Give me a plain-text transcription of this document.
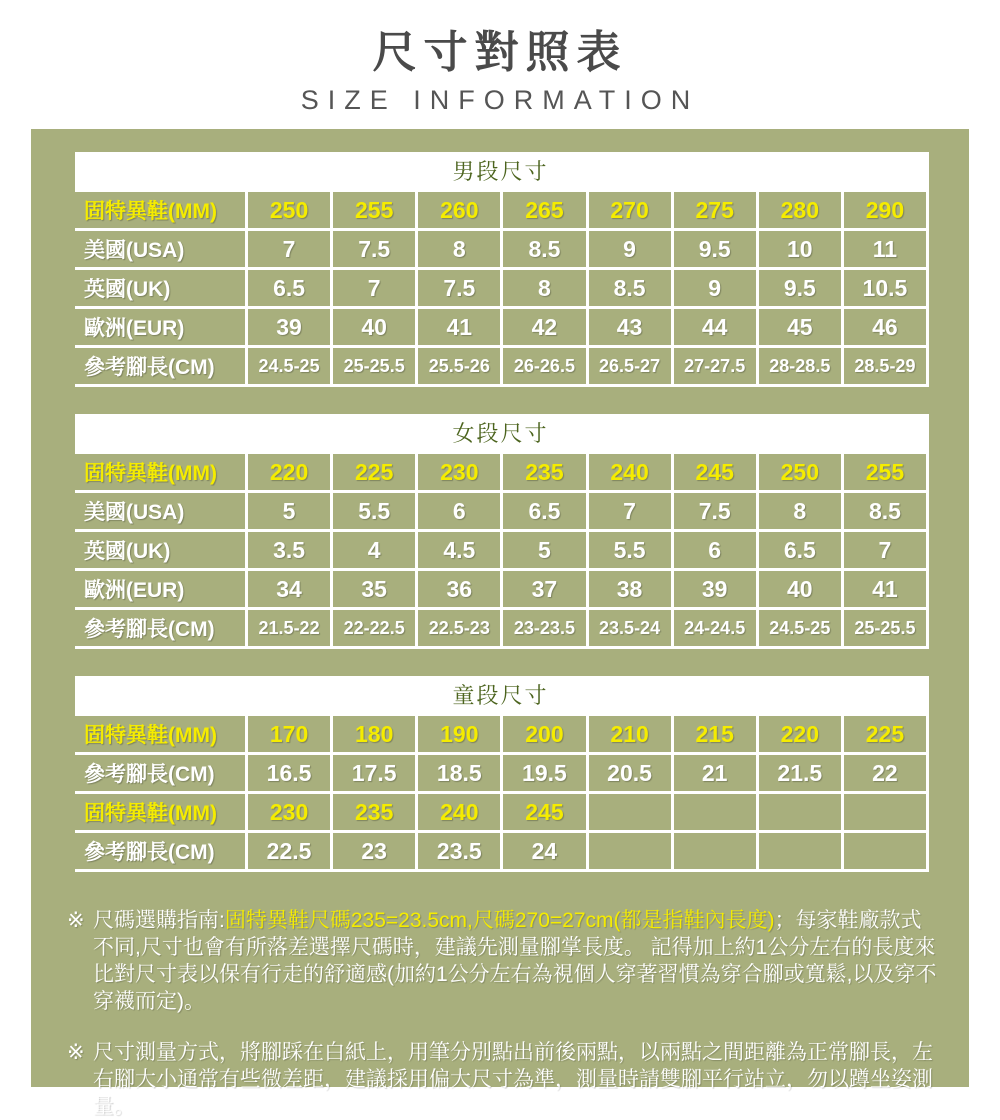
尺寸對照表
SIZE INFORMATION
男段尺寸
固特異鞋(MM)	250	255	260	265	270	275	280	290
美國(USA)	7	7.5	8	8.5	9	9.5	10	11
英國(UK)	6.5	7	7.5	8	8.5	9	9.5	10.5
歐洲(EUR)	39	40	41	42	43	44	45	46
參考腳長(CM)	24.5-25	25-25.5	25.5-26	26-26.5	26.5-27	27-27.5	28-28.5	28.5-29
女段尺寸
固特異鞋(MM)	220	225	230	235	240	245	250	255
美國(USA)	5	5.5	6	6.5	7	7.5	8	8.5
英國(UK)	3.5	4	4.5	5	5.5	6	6.5	7
歐洲(EUR)	34	35	36	37	38	39	40	41
參考腳長(CM)	21.5-22	22-22.5	22.5-23	23-23.5	23.5-24	24-24.5	24.5-25	25-25.5
童段尺寸
固特異鞋(MM)	170	180	190	200	210	215	220	225
參考腳長(CM)	16.5	17.5	18.5	19.5	20.5	21	21.5	22
固特異鞋(MM)	230	235	240	245
參考腳長(CM)	22.5	23	23.5	24
※ 尺碼選購指南:固特異鞋尺碼235=23.5cm,尺碼270=27cm(都是指鞋內長度)；每家鞋廠款式不同,尺寸也會有所落差選擇尺碼時，建議先測量腳掌長度。 記得加上約1公分左右的長度來比對尺寸表以保有行走的舒適感(加約1公分左右為視個人穿著習慣為穿合腳或寬鬆,以及穿不穿襪而定)。
※ 尺寸測量方式，將腳踩在白紙上，用筆分別點出前後兩點，以兩點之間距離為正常腳長，左右腳大小通常有些微差距，建議採用偏大尺寸為準，測量時請雙腳平行站立，勿以蹲坐姿測量。
